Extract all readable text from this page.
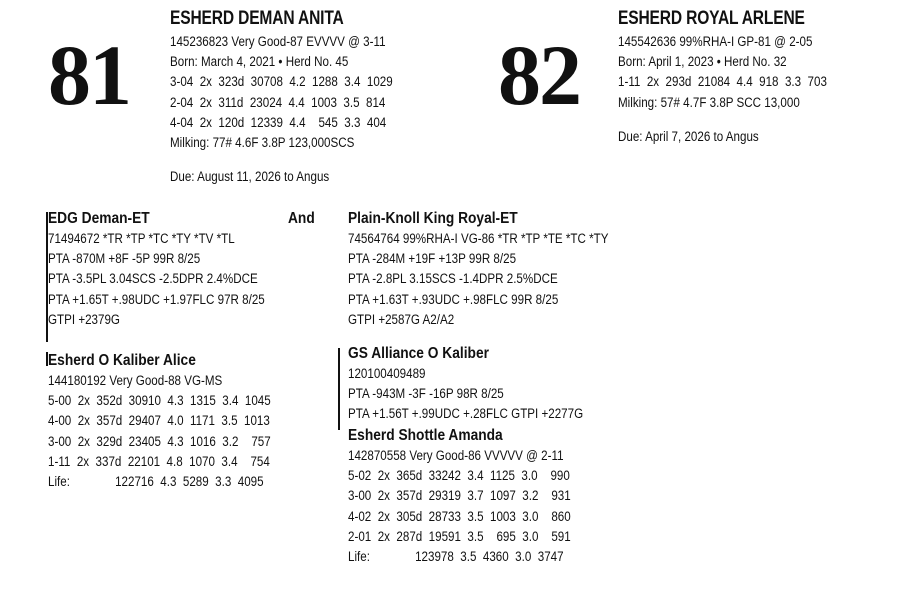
81
ESHERD DEMAN ANITA
145236823 Very Good-87 EVVVV @ 3-11
Born: March 4, 2021 • Herd No. 45
3-04  2x  323d  30708  4.2  1288  3.4  1029
2-04  2x  311d  23024  4.4  1003  3.5  814
4-04  2x  120d  12339  4.4    545  3.3  404
Milking: 77# 4.6F 3.8P 123,000SCS
Due: August 11, 2026 to Angus
82
ESHERD ROYAL ARLENE
145542636 99%RHA-I GP-81 @ 2-05
Born: April 1, 2023 • Herd No. 32
1-11  2x  293d  21084  4.4  918  3.3  703
Milking: 57# 4.7F 3.8P SCC 13,000
Due: April 7, 2026 to Angus
EDG Deman-ET
71494672 *TR *TP *TC *TY *TV *TL
PTA -870M +8F -5P 99R 8/25
PTA -3.5PL 3.04SCS -2.5DPR 2.4%DCE
PTA +1.65T +.98UDC +1.97FLC 97R 8/25
GTPI +2379G
And
Esherd O Kaliber Alice
144180192 Very Good-88 VG-MS
5-00  2x  352d  30910  4.3  1315  3.4  1045
4-00  2x  357d  29407  4.0  1171  3.5  1013
3-00  2x  329d  23405  4.3  1016  3.2    757
1-11  2x  337d  22101  4.8  1070  3.4    754
Life:              122716  4.3  5289  3.3  4095
Plain-Knoll King Royal-ET
74564764 99%RHA-I VG-86 *TR *TP *TE *TC *TY
PTA -284M +19F +13P 99R 8/25
PTA -2.8PL 3.15SCS -1.4DPR 2.5%DCE
PTA +1.63T +.93UDC +.98FLC 99R 8/25
GTPI +2587G A2/A2
GS Alliance O Kaliber
120100409489
PTA -943M -3F -16P 98R 8/25
PTA +1.56T +.99UDC +.28FLC GTPI +2277G
Esherd Shottle Amanda
142870558 Very Good-86 VVVVV @ 2-11
5-02  2x  365d  33242  3.4  1125  3.0    990
3-00  2x  357d  29319  3.7  1097  3.2    931
4-02  2x  305d  28733  3.5  1003  3.0    860
2-01  2x  287d  19591  3.5    695  3.0    591
Life:              123978  3.5  4360  3.0  3747
